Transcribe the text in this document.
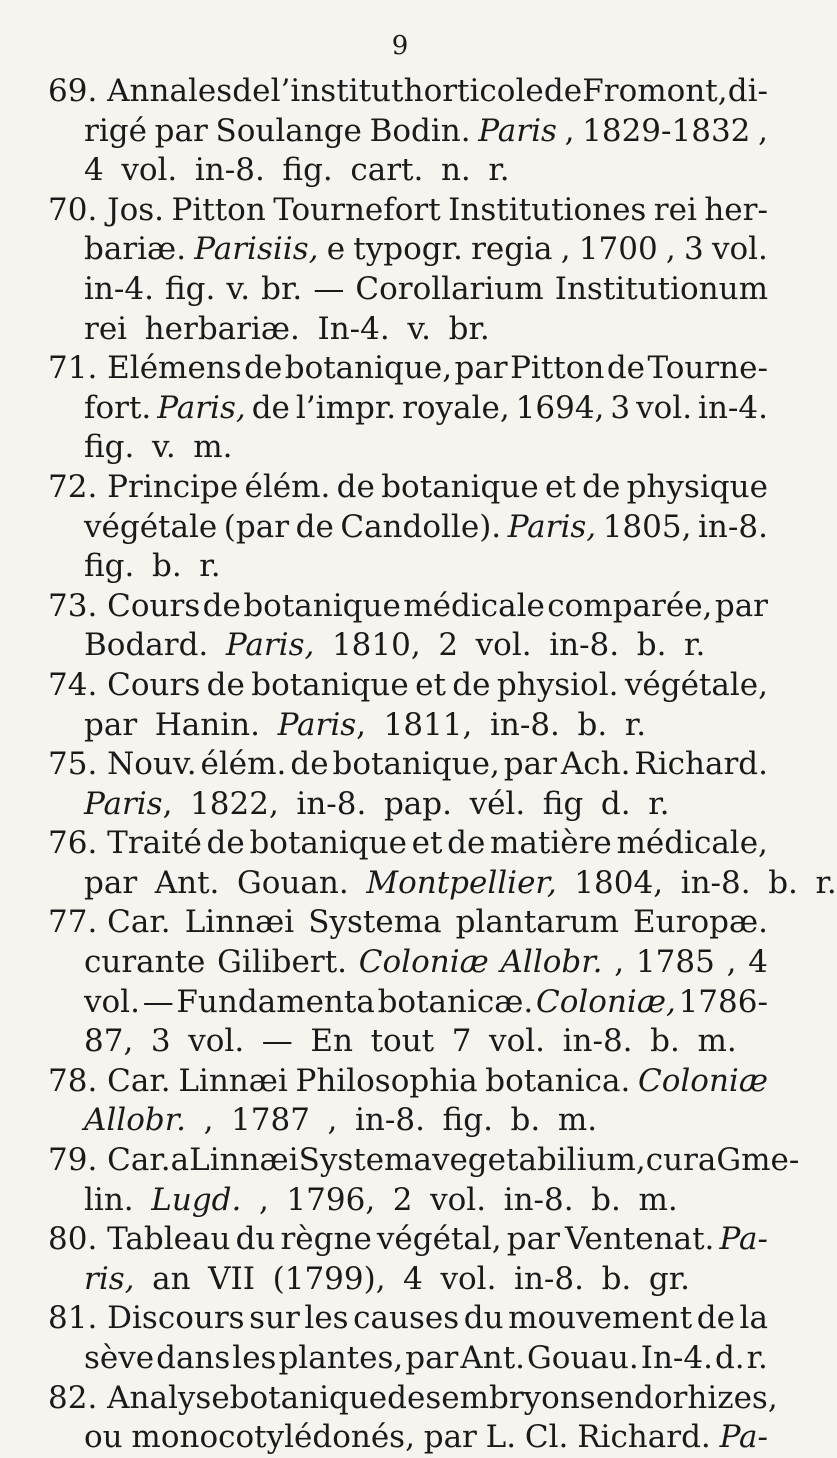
9
69. Annales de l’institut horticole de Fromont, di-
rigé par Soulange Bodin. Paris , 1829-1832 ,
4 vol. in-8. fig. cart. n. r.
70. Jos. Pitton Tournefort Institutiones rei her-
bariæ. Parisiis, e typogr. regia , 1700 , 3 vol.
in-4. fig. v. br. — Corollarium Institutionum
rei herbariæ. In-4. v. br.
71. Elémens de botanique, par Pitton de Tourne-
fort. Paris, de l’impr. royale, 1694, 3 vol. in-4.
fig. v. m.
72. Principe élém. de botanique et de physique
végétale (par de Candolle). Paris, 1805, in-8.
fig. b. r.
73. Cours de botanique médicale comparée, par
Bodard. Paris, 1810, 2 vol. in-8. b. r.
74. Cours de botanique et de physiol. végétale,
par Hanin. Paris , 1811, in-8. b. r.
75. Nouv. élém. de botanique, par Ach. Richard.
Paris , 1822, in-8. pap. vél. fig d. r.
76. Traité de botanique et de matière médicale,
par Ant. Gouan. Montpellier, 1804, in-8. b. r.
77. Car. Linnæi Systema plantarum Europæ.
curante Gilibert. Coloniæ Allobr. , 1785 , 4
vol. — Fundamenta botanicæ. Coloniæ, 1786-
87, 3 vol. — En tout 7 vol. in-8. b. m.
78. Car. Linnæi Philosophia botanica. Coloniæ
Allobr. , 1787 , in-8. fig. b. m.
79. Car. a Linnæi Systema vegetabilium, cura Gme-
lin. Lugd. , 1796, 2 vol. in-8. b. m.
80. Tableau du règne végétal, par Ventenat. Pa-
ris, an VII (1799), 4 vol. in-8. b. gr.
81. Discours sur les causes du mouvement de la
sève dans les plantes, par Ant. Gouau. In-4. d. r.
82. Analyse botanique des embryons endorhizes,
ou monocotylédonés, par L. Cl. Richard. Pa-
